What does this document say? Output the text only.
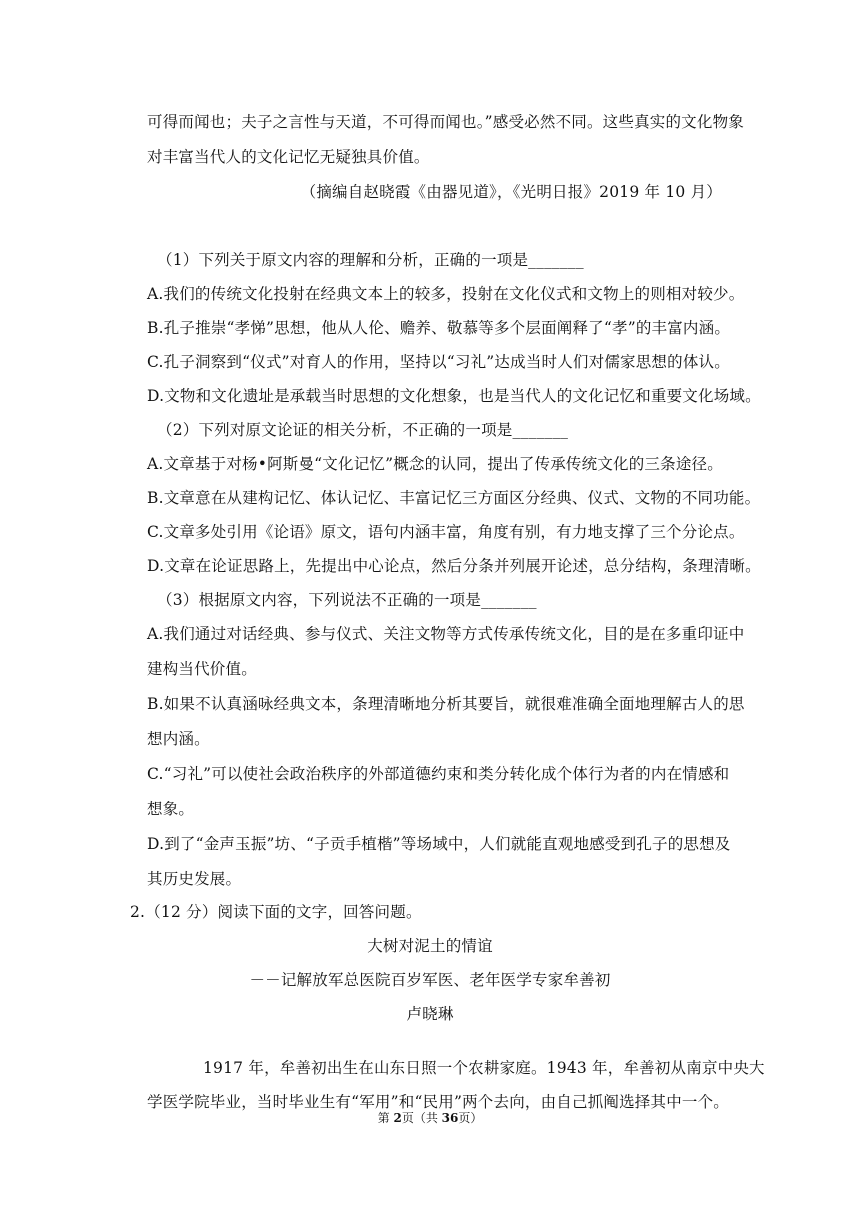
可得而闻也；夫子之言性与天道，不可得而闻也。”感受必然不同。这些真实的文化物象
对丰富当代人的文化记忆无疑独具价值。
（摘编自赵晓霞《由器见道》，《光明日报》2019 年 10 月）
（1）下列关于原文内容的理解和分析，正确的一项是_______
A.我们的传统文化投射在经典文本上的较多，投射在文化仪式和文物上的则相对较少。
B.孔子推崇“孝悌”思想，他从人伦、赡养、敬慕等多个层面阐释了“孝”的丰富内涵。
C.孔子洞察到“仪式”对育人的作用，坚持以“习礼”达成当时人们对儒家思想的体认。
D.文物和文化遗址是承载当时思想的文化想象，也是当代人的文化记忆和重要文化场域。
（2）下列对原文论证的相关分析，不正确的一项是_______
A.文章基于对杨•阿斯曼“文化记忆”概念的认同，提出了传承传统文化的三条途径。
B.文章意在从建构记忆、体认记忆、丰富记忆三方面区分经典、仪式、文物的不同功能。
C.文章多处引用《论语》原文，语句内涵丰富，角度有别，有力地支撑了三个分论点。
D.文章在论证思路上，先提出中心论点，然后分条并列展开论述，总分结构，条理清晰。
（3）根据原文内容，下列说法不正确的一项是_______
A.我们通过对话经典、参与仪式、关注文物等方式传承传统文化，目的是在多重印证中
建构当代价值。
B.如果不认真涵咏经典文本，条理清晰地分析其要旨，就很难准确全面地理解古人的思
想内涵。
C.“习礼”可以使社会政治秩序的外部道德约束和类分转化成个体行为者的内在情感和
想象。
D.到了“金声玉振”坊、“子贡手植楷”等场域中，人们就能直观地感受到孔子的思想及
其历史发展。
2.（12 分）阅读下面的文字，回答问题。
大树对泥土的情谊
－－记解放军总医院百岁军医、老年医学专家牟善初
卢晓琳
1917 年，牟善初出生在山东日照一个农耕家庭。1943 年，牟善初从南京中央大
学医学院毕业，当时毕业生有“军用”和“民用”两个去向，由自己抓阄选择其中一个。
第 2页（共 36页）
